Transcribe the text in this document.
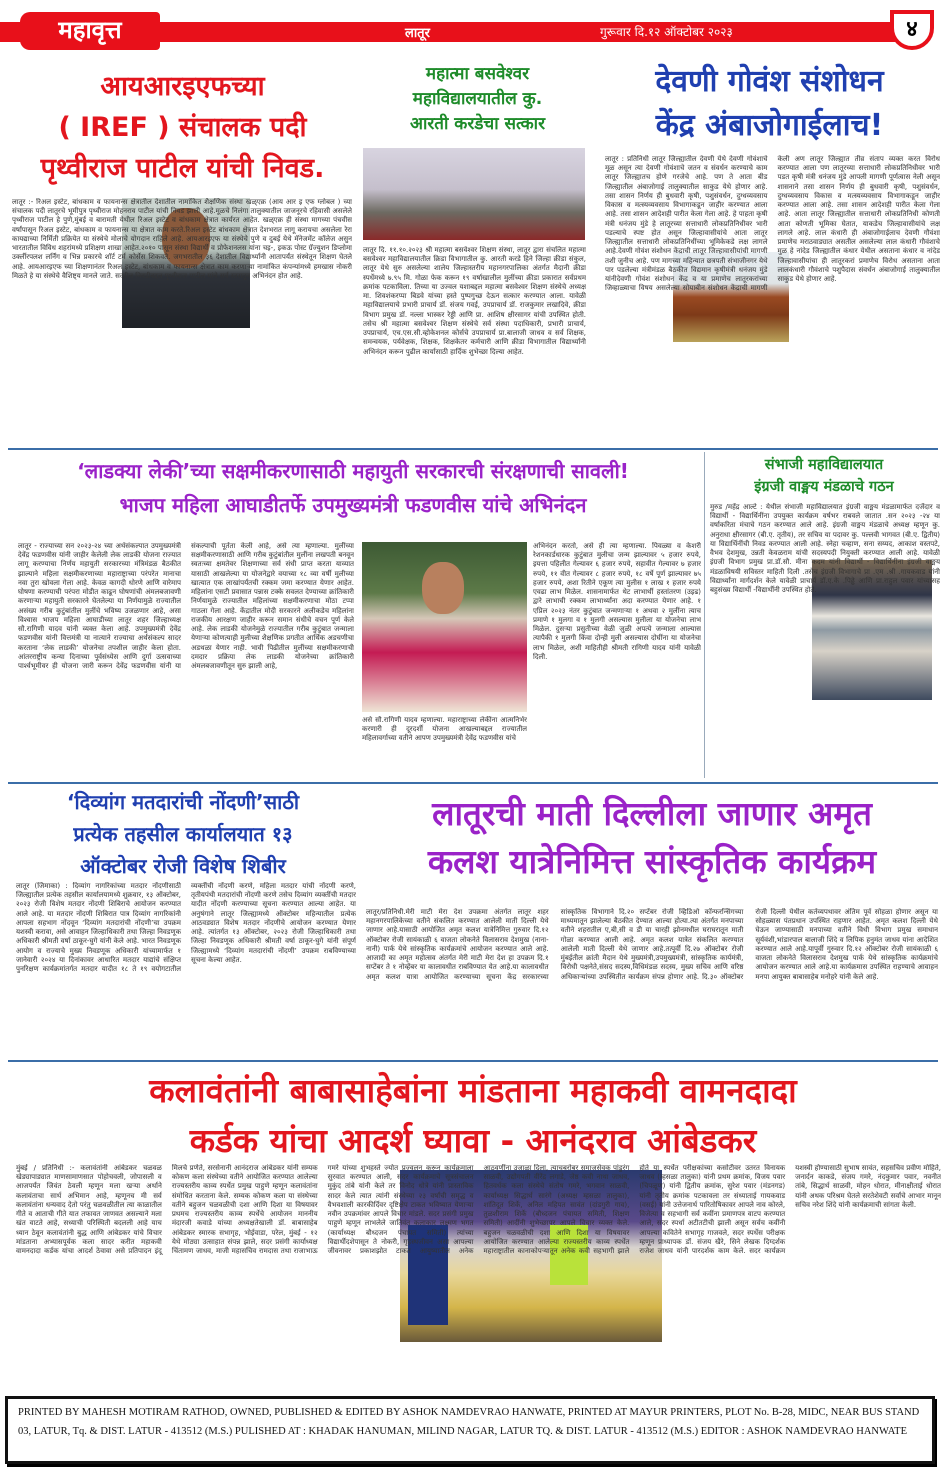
महावृत्त	लातूर	गुरूवार दि.१२ ऑक्टोबर २०२३	४
आयआरइएफच्या
( IREF ) संचालक पदी
पृथ्वीराज पाटील यांची निवड.
लातूर :- रिअल इस्टेट, बांधकाम व फायनान्स क्षेत्रातील देशातील नामांकित शैक्षणिक संस्था खळ्एक्र (आय आर इ एफ ग्लोबल ) च्या संचालक पदी लातूरचे भूमीपुत्र पृथ्वीराज मोहनराव पाटील यांची निवड झाली आहे.मूळचे निलंगा तालुक्यातील जाजनूरचे रहिवासी असलेले पृथ्वीराज पाटील हे पुणे,मुंबई व बारामती येथील रिअल इस्टेट व बांधकाम क्षेत्रात कार्यरत आहेत. खळ्एक्र ही संस्था मागच्या पंचवीस वर्षांपासून रिअल इस्टेट, बांधकाम व फायनान्स या क्षेत्रात काम करते.रिअल इस्टेट बांधकाम क्षेत्रात देशभरात लागू करायचा असलेला रेरा कायद्याच्या निर्मिती प्रक्रियेत या संस्थेचे मोलाचे योगदान राहिले आहे. आयआरइएफ या संस्थेचे पुणे व दुबई येथे मॅनेजमेंट कॉलेज असुन भारतातील विविध शहरांमध्ये प्रशिक्षण शाखा आहेत.२०१० पासून संस्था विद्यार्थी व प्रोफेशनलस यांना चइ-, इकऊ पोस्ट ग्रॅज्युशन डिप्लोमा उर्क्लीरपलश लर्निंग व भिन्न प्रकारचे शॉर्ट टर्म कोर्सेस शिकवते. जगभरातील ३६ देशातील विद्यार्थ्यांनी आतापर्यंत संस्थेतून शिक्षण घेतले आहे. आयआरइएफ च्या शिक्षणानंतर रिअल इस्टेट, बांधकाम व फायनान्स क्षेत्रात काम करणाऱ्या नामांकित कंपन्यांमध्ये हमखास नोकरी मिळते हे या संस्थेचे वैशिष्ट्य मानले जाते. सदरील निवडीबद्दल पृथ्वीराज पाटील यांचे सर्व स्तरातून अभिनंदन होत आहे.
महात्मा बसवेश्वर
महाविद्यालयातील कु.
आरती करडेचा सत्कार
लातूर दि. ११.१०.२०२३ श्री महात्मा बसवेश्वर शिक्षण संस्था, लातूर द्वारा संचलित महात्मा बसवेश्वर महाविद्यालयातील क्रिडा विभागातील कु. आरती करडे हिने जिल्हा क्रीडा संकुल, लातूर येथे सुरु असलेल्या शालेय जिल्हास्तरीय महानगरपालिका अंतर्गत मैदानी क्रीडा स्पर्धेमध्ये ७.९५ मि. गोळा फेक करून १९ वर्षाखालील मुलींच्या क्रीडा प्रकारात सर्वप्रथम क्रमांक पटकाविला. तिच्या या उज्वल यशाबद्दल महात्मा बसवेश्वर शिक्षण संस्थेचे अध्यक्ष मा. शिवशंकरप्पा बिडवे यांच्या हस्ते पुष्पगुच्छ देऊन सत्कार करण्यात आला. यावेळी महाविद्यालयाचे प्रभारी प्राचार्य डॉ. संजय गवई, उपप्राचार्य डॉ. राजकुमार लखादिवे, क्रीडा विभाग प्रमुख डॉ. नल्ला भास्कर रेड्डी आणि प्रा. आशिष क्षीरसागर यांची उपस्थित होती. तसेच श्री महात्मा बसवेश्वर शिक्षण संस्थेचे सर्व संस्था पदाधिकारी, प्रभारी प्राचार्य, उपप्राचार्य, एच.एस.सी.व्होकेशनल कोर्सचे उपप्राचार्य प्रा.बालाजी जाधव व सर्व शिक्षक, समन्वयक, पर्यवेक्षक, शिक्षक, शिक्षकेतर कर्मचारी आणि क्रीडा विभागातील विद्यार्थ्यांनी अभिनंदन करून पुढील कार्यासाठी हार्दिक शुभेच्छा दिल्या आहेत.
देवणी गोवंश संशोधन
केंद्र अंबाजोगाईलाच!
लातूर : प्रतिनिधी लातूर जिल्ह्यातील देवणी येथे देवणी गोवंशाचे मूळ असून त्या देवणी गोवंशाचे जतन व संवर्धन करण्याचे काम लातूर जिल्ह्यातच होणे गरजेचे आहे. पण ते आता बीड जिल्ह्यातील अंबाजोगाई तालुक्यातील साकुड येथे होणार आहे. तसा शासन निर्णय ही बुधवारी कृषी, पशुसंवर्धन, दुग्धव्यवसाय विकास व मत्स्यव्यवसाय विभागाकडून जाहीर करण्यात आला आहे. तसा शासन आदेशही पारीत केला गेला आहे. हे पाहता कृषी मंत्री धनंजय मुंडे हे लातूरच्या सत्ताधारी लोकप्रतिनिधीवर भारी पडल्याचे स्पष्ट होत असून जिल्हावासीयांचे आता लातूर जिल्ह्यातील सत्ताधारी लोकप्रतिनिधींच्या भूमिकेकडे लक्ष लागले आहे.देवणी गोवंश संशोधन केंद्राची लातूर जिल्हावासीयांची मागणी तशी जुनीच आहे. पण मागच्या महिन्यात छत्रपती संभाजीनगर येथे पार पडलेल्या मंत्रीमंडळ बैठकीत विद्यमान कृषीमंत्री धनंजय मुंडे यांनीदेवणी गोवंश संशोधन केंद्र व या प्रमाणेच लातूरकरांच्या जिव्हाळ्याचा विषय असलेल्या सोयाबीन संशोधन केंद्राची मागणी केली अण लातूर जिल्ह्यात तीव्र संताप व्यक्त करत विरोध करण्यात आला पण लातूरच्या सत्ताधारी लोकप्रतिनिधीवर भारी पडत कृषी मंत्री धनंजय मुंडे आपली मागणी पूर्णत्वास नेली असून शासनाने तसा शासन निर्णय ही बुधवारी कृषी, पशुसंवर्धन, दुग्धव्यवसाय विकास व मत्स्यव्यवसाय विभागाकडून जाहीर करण्यात आला आहे. तसा शासन आदेशही पारीत केला गेला आहे. आता लातूर जिल्ह्यातील सत्ताधारी लोकप्रतिनिधी कोणती आता कोणती भूमिका घेतात, याकडेच जिल्हावासीयांचे लक्ष लागले आहे. लाल कंधारी ही अंबाजोगाईलाच देवणी गौवंशा प्रमाणेच मराठवाड्यात असतील असलेल्या लाल कंधारी गौवंशाचे मुळ हे नांदेड जिल्ह्यातील कंधार येथील असताना कंधार व नांदेड जिल्हावासीयांचा ही लातूरकरां प्रमाणेच विरोध असताना आता लालकंधारी गौवंशाचे पशुपैदास संवर्धन अंबाजोगाई तालुक्यातील साकुड येथे होणार आहे.
‘लाडक्या लेकी’च्या सक्षमीकरणासाठी महायुती सरकारची संरक्षणाची सावली!
भाजप महिला आघाडीतर्फे उपमुख्यमंत्री फडणवीस यांचे अभिनंदन
लातूर - राज्याच्या सन २०२३-२४ च्या अर्थसंकल्पात उपमुख्यमंत्री देवेंद्र फडणवीस यांनी जाहीर केलेली लेक लाडकी योजना राज्यात लागू करण्याचा निर्णय महायुती सरकारच्या मंत्रिमंडळ बैठकीत झाल्याने महिला सक्षमीकरणाच्या महाराष्ट्राच्या परंपरेत मानाचा नवा तुरा खोवला गेला आहे. केवळ कागदी धोरणे आणि वारेमाप घोषणा करण्याची परंपरा मोडीत काढून घोषणांची अंमलबजावणी करणाऱ्या महायुती सरकारने घेतलेल्या या निर्णयामुळे राज्यातील असंख्य गरीब कुटुंबांतील मुलींचे भविष्य उजळणार आहे, असा विश्वास भाजप महिला आघाडीच्या लातूर शहर जिल्हाध्यक्ष सौ.रागिणी यादव यांनी व्यक्त केला आहे. उपमुख्यमंत्री देवेंद्र फडणवीस यांनी वित्तमंत्री या नात्याने राज्याचा अर्थसंकल्प सादर करताना ‘लेक लाडकी’ योजनेचा तपशील जाहीर केला होता. आंतरराष्ट्रीय कन्या दिनाच्या पूर्वसंध्येस आणि दुर्गा उत्सवाच्या पार्श्वभूमीवर ही योजना जारी करून देवेंद्र फडणवीस यांनी या संकल्पाची पूर्तता केली आहे, असे त्या म्हणाल्या. मुलींच्या सक्षमीकरणासाठी आणि गरीब कुटुंबांतील मुलींना लखपती बनवून स्वतःच्या क्षमतेवर शिक्षणाच्या सर्व संधी प्राप्त करता याव्यात यासाठी आखलेल्या या योजनेद्वारे वयाच्या १८ व्या वर्षी मुलीच्या खात्यात एक लाखांपर्यंतची रक्कम जमा करण्यात येणार आहेत. महिलांना एसटी प्रवासात पन्नास टक्के सवलत देण्याच्या क्रांतिकारी निर्णयामुळे राज्यातील महिलांच्या सक्षमीकरणाचा मोठा टप्पा गाठला गेला आहे. केंद्रातील मोदी सरकारने अलीकडेच महिलांना राजकीय आरक्षण जाहीर करून समान संधीचे वचन पूर्ण केले आहे. लेक लाडकी योजनेमुळे राज्यातील गरीब कुटुंबात जन्माला येणाऱ्या कोणत्याही मुलीच्या शैक्षणिक प्रगतीत आर्थिक अडचणीचा अडथळा येणार नाही. भावी पिढीतील मुलींच्या सक्षमीकरणाची दमदार प्रक्रिया लेक लाडकी योजनेच्या क्रांतिकारी अंमलबजावणीतून सुरु झाली आहे,
असे सौ.रागिणी यादव म्हणाल्या. महाराष्ट्राच्या लेकींना आत्मनिर्भर करणारी ही दूरदर्शी योजना आखल्याबद्दल राज्यातील महिलावर्गाच्या वतीने आपण उपमुख्यमंत्री देवेंद्र फडणवीस यांचे
अभिनंदन करतो, असे ही त्या म्हणाल्या. पिवळ्या व केशरी रेशनकार्डधारक कुटुंबात मुलीचा जन्म झाल्यावर ५ हजार रुपये, इयत्ता पहिलीत गेल्यावर ६ हजार रुपये, सहावीत गेल्यावर ७ हजार रुपये, ११ वीत गेल्यावर ८ हजार रुपये, १८ वर्षे पूर्ण झाल्यावर ७५ हजार रुपये, अशा रितीने एकूण त्या मुलीस १ लाख १ हजार रुपये एवढा लाभ मिळेल. शासनामार्फत थेट लाभार्थी हस्तांतरण (उइढ) द्वारे लाभाची रक्कम लाभार्थ्यांना अदा करण्यात येणार आहे. १ एप्रिल २०२३ नंतर कुटुंबात जन्मणाऱ्या १ अथवा २ मुलींना त्याच प्रमाणे १ मुलगा व १ मुलगी असल्यास मुलीला या योजनेचा लाभ मिळेल. दुसऱ्या प्रसुतीच्या वेळी जुळी अपत्ये जन्माला आल्यास त्यापैकी १ मुलगी किंवा दोन्ही मुली असल्यास दोघींना या योजनेचा लाभ मिळेल, अशी माहितीही श्रीमती रागिणी यादव यांनी यावेळी दिली.
संभाजी महाविद्यालयात
इंग्रजी वाङ्मय मंडळाचे गठन
मुरुड /महेंद्र आल्टे : येथील संभाजी महाविद्यालयात इंग्रजी वाङ्मय मंडळामार्फत दर्जेदार व विद्यार्थी - विद्यार्थिनींना उपयुक्त कार्यक्रम वर्षभर राबवले जातात .सन २०२३ -२४ या वर्षाकरिता मंचाचे गठन करण्यात आले आहे. इंग्रजी वाङ्मय मंडळाचे अध्यक्ष म्हणून कु. अनुराधा क्षीरसागर (बी.ए. तृतीय), तर सचिव या पदावर कु. पल्लवी भागवत (बी.ए. द्वितीय) या विद्यार्थिनींची निवड करण्यात आली आहे. स्नेहा चव्हाण, सना सय्यद, आकाश वस्तपटे, वैभव देशमुख, उन्नती केवळराम यांची सदस्यपदी नियुक्ती करण्यात आली आहे. यावेळी इंग्रजी विभाग प्रमुख प्रा.डॉ.सौ. मीना कदम यांनी विद्यार्थी - विद्यार्थिनींना इंग्रजी वाङ्मय मंडळाविषयी सविस्तर माहिती दिली .तसेच इंग्रजी विभागाचे प्रा .एम .श्री .गायकवाड यांनी विद्यार्थ्यांना मार्गदर्शन केले यावेळी प्राचार्य डॉ.ए.के .पिढ्ढे आणि प्रा.राहुल पवार यांच्यासह बहुसंख्य विद्यार्थी -विद्यार्थीनी उपस्थित होते.
‘दिव्यांग मतदारांची नोंदणी’साठी
प्रत्येक तहसील कार्यालयात १३
ऑक्टोबर रोजी विशेष शिबीर
लातूर (जिमाका) : दिव्यांग नागरिकांच्या मतदार नोंदणीसाठी जिल्ह्यातील प्रत्येक तहसील कार्यालयामध्ये शुक्रवार, १३ ऑक्टोबर, २०२३ रोजी विशेष मतदार नोंदणी शिबिराचे आयोजन करण्यात आले आहे. या मतदार नोंदणी शिबिरात पात्र दिव्यांग नागरिकांनी आपला सहभाग नोंदवून ‘दिव्यांग मतदारांची नोंदणी’चा उपक्रम यशस्वी करावा, असे आवाहन जिल्हाधिकारी तथा जिल्हा निवडणूक अधिकारी श्रीमती वर्षा ठाकूर-घुगे यांनी केले आहे. भारत निवडणूक आयोग व राज्याचे मुख्य निवडणूक अधिकारी यांच्यामार्फत १ जानेवारी २०२४ या दिनांकावर आधारित मतदार याद्यांचे संक्षिप्त पुनरिक्षण कार्यक्रमांतर्गत मतदार यादीत १८ ते १९ वयोगटातील व्यक्तींची नोंदणी करणे, महिला मतदार यांची नोंदणी करणे, तृतीयपंथी मतदारांची नोंदणी करणे तसेच दिव्यांग व्यक्तींची मतदार यादीत नोंदणी करण्याच्या सूचना करण्यात आल्या आहेत. या अनुषंगाने लातूर जिल्ह्यामध्ये ऑक्टोबर महिन्यातील प्रत्येक आठवड्यात विशेष मतदार नोंदणीचे आयोजन करण्यात येणार आहे. त्यांतर्गत १३ ऑक्टोबर, २०२३ रोजी जिल्हाधिकारी तथा जिल्हा निवडणूक अधिकारी श्रीमती वर्षा ठाकूर-घुगे यांनी संपूर्ण जिल्ह्यामध्ये ‘दिव्यांग मतदारांची नोंदणी’ उपक्रम राबविण्याच्या सूचना केल्या आहेत.
लातूरची माती दिल्लीला जाणार अमृत
कलश यात्रेनिमित्त सांस्कृतिक कार्यक्रम
लातूर/प्रतिनिधी.मेरी माटी मेरा देश उपक्रमा अंतर्गत लातूर शहर महानगरपालिकेच्या वतीने संकलित करण्यात आलेली माती दिल्ली येथे जाणार आहे.यासाठी आयोजित अमृत कलश यात्रेनिमित्त गुरुवार दि.१२ ऑक्टोबर रोजी सायंकाळी ६ वाजता लोकनेते विलासराव देशमुख (नाना-नानी) पार्क येथे सांस्कृतिक कार्यक्रमांचे आयोजन करण्यात आले आहे. आजादी का अमृत महोत्सव अंतर्गत मेरी माटी मेरा देश हा उपक्रम दि.१ सप्टेंबर ते १ नोव्हेंबर या कालावधीत राबविण्यात येत आहे.या कालावधीत अमृत कलश यात्रा आयोजित करण्याच्या सूचना केंद्र सरकारच्या सांस्कृतिक विभागाने दि.२० सप्टेंबर रोजी व्हिडिओ कॉन्फरन्सिंगच्या माध्यमातून झालेल्या बैठकीत देण्यात आल्या होत्या.त्या अंतर्गत मनपाच्या वतीने शहरातील ए,बी,सी व डी या चारही झोनमधील घराघरातून माती गोळा करण्यात आली आहे. अमृत कलश यात्रेत संकलित करण्यात आलेली माती दिल्ली येथे जाणार आहे.तत्पूर्वी दि.२७ ऑक्टोबर रोजी मुंबईतील क्रांती मैदान येथे मुख्यमंत्री,उपमुख्यमंत्री, सांस्कृतिक कार्यमंत्री, विरोधी पक्षनेते,संसद सदस्य,विधिमंडळ सदस्य, मुख्य सचिव आणि वरिष्ठ अधिकाऱ्यांच्या उपस्थितीत कार्यक्रम संपन्न होणार आहे. दि.३० ऑक्टोबर रोजी दिल्ली येथील कर्तव्यपथावर अंतिम पूर्व सोहळा होणार असून या सोहळ्यास पंतप्रधान उपस्थित राहणार आहेत. अमृत कलश दिल्ली येथे घेऊन जाण्यासाठी मनपाच्या वतीने विधी विभाग प्रमुख समाधान सूर्यवंशी,भांडारपाल बालाजी शिंदे व लिपिक हनुमंत जाधव यांना आदेशित करण्यात आले आहे.यापूर्वी गुरुवार दि.१२ ऑक्टोबर रोजी सायंकाळी ६ वाजता लोकनेते विलासराव देशमुख पार्क येथे सांस्कृतिक कार्यक्रमांचे आयोजन करण्यात आले आहे.या कार्यक्रमास उपस्थित राहण्याचे आवाहन मनपा आयुक्त बाबासाहेब मनोहरे यांनी केले आहे.
कलावंतांनी बाबासाहेबांना मांडताना महाकवी वामनदादा
कर्डक यांचा आदर्श घ्यावा - आनंदराव आंबेडकर
मुंबई / प्रतिनिधी :- कलावंतांनी आंबेडकर चळवळ खेड्यापाड्यात माणसामाणसात पोहोचवली, जोपासली व आजपर्यंत जिवंत ठेवली म्हणून मला खऱ्या अर्थाने कलावंताचा सार्थ अभिमान आहे, म्हणूनच मी सर्व कलावंतांना धन्यवाद देतो परंतु चळवळीतील त्या काळातील गीते व आताची गीते यात तफावत जाणवत असल्याने मला खंत वाटते आहे, सध्याची परिस्थिती बदलली आहे याच ध्यान ठेवून कलावंतांनी बुद्ध आणि आंबेडकर यांचे विचार मांडताना अभ्यासपूर्वक कला सादर करीत महाकवी वामनदादा कर्डक यांचा आदर्श ठेवावा असे प्रतिपादन इंदू मिलचे प्रणेते, सरसेनानी आनंदराज आंबेडकर यांनी सम्यक कोकण कला संस्थेच्या वतीने आयोजित करण्यात आलेल्या राज्यस्तरीय काव्य स्पर्धेत प्रमुख पाहुणे म्हणून कलावंतांना संमोधित करताना केले. सम्यक कोकण कला या संस्थेच्या वतीने बहुजन चळवळीची दशा आणि दिशा या विषयावर प्रथमच राज्यस्तरीय काव्य स्पर्धेचे आयोजन माननीय मंदारजी कवाडे यांच्या अध्यक्षतेखाली डॉ. बाबासाहेब आंबेडकर स्मारक सभागृह, भोईवाडा, परेल, मुंबई - १२ येथे मोठ्या उत्साहात संपन्न झाले, सदर प्रसंगी कार्याध्यक्ष चिंतामण जाधव, माजी महासचिव रामदास तथा राजाभाऊ गमरे यांच्या शुभहस्ते ज्योत प्रज्वलन करून कार्यक्रमाला सुरवात करण्यात आली, सदर कार्यक्रमाचे सूत्रसंचालन मुकुंद तांबे यांनी केले तर विनोद धोत्रे यांनी प्रास्ताविक सादर केले त्यात त्यांनी संस्थेच्या २३ वर्षांची समृद्ध व वैभवशाली कारकीर्दिवर दृष्टिक्षेप टाकत भविष्यात येणाऱ्या नवीन उपक्रमांवर आपले विचार मांडले. सदर प्रसंगी प्रमुख पाहुणे म्हणून लाभलेले जातिवंत कलाकार लक्ष्मण भगत (कार्याध्यक्ष बौध्दजन पंचायत समिती) त्यांच्या विद्यार्थीदशेपासून ते नोकरी, गृहस्थजीवन असा आपल्या जीवनावर प्रकाशझोत टाकत आयुष्यातील अनेक आठवणींना उजाळा दिला, त्याचबरोबर समाजसेवक पांडुरंग साळवी, उद्योगपती वीरेंद्र लगाडे, जेष्ठ कवी नाथा जाधव, हितवर्धक कला संस्थेचे संतोष गमरे, भगवान साळवी, कार्याध्यक्ष सिद्धार्थ सारंगे (अध्यक्ष म्हसळा तालुका), शांतिदूत शिर्के, अनिल महिपत सावंत (दांडगुरी गाव), तुळशीराम शिर्के (बौध्दजन पंचायत समिती, शिक्षण समिती) आदींनी शुभेच्छापर आपले विचार व्यक्त केले. बहुजन चळवळीची दशा आणि दिशा या विषयावर आयोजित करण्यात आलेल्या राज्यस्तरीय काव्य स्पर्धेत महाराष्ट्रातील कानाकोपऱ्यातून अनेक कवी सहभागी झाले होते या स्पर्धेत परीक्षकांच्या कसोटीवर उतरत विनायक जाधव (म्हसळा तालुका) यांनी प्रथम क्रमांक, विजय पवार (चिपळूण) यांनी द्वितीय क्रमांक, सुरेश पवार (मंडनगड) यांनी तृतीय क्रमांक पटकावला तर संध्याताई गायकवाड (वसई) यांनी उत्तेजनार्थ पारितोषिकावर आपले नाव कोरले, विजेत्या व सहभागी सर्व कवींना प्रमाणपत्र वाटप करण्यात आले, सदर स्पर्धा अटीतटीची झाली असून सर्वच कवींनी आपल्या कवितेने सभागृह गाजवले, सदर स्पर्धेस परीक्षक म्हणून प्राध्यापक डॉ. संजय खैरे, सिने लेखक दिग्दर्शक राजेश जाधव यांनी पारदर्शक काम केले. सदर कार्यक्रम यशस्वी होण्यासाठी सुभाष सावंत, सहसचिव प्रवीण मोहिते, जनार्दन काकडे, संजय गमरे, नंदकुमार पवार, नवनीत तांबे, सिद्धार्थ साळवी, मोहन धोरात, मीनाक्षीताई धोरात यांनी अथक परिश्रम घेतले सरतेशेवटी सर्वांचे आभार मानून सचिव नरेश शिंदे यांनी कार्यक्रमाची सांगता केली.
PRINTED BY MAHESH MOTIRAM RATHOD, OWNED, PUBLISHED & EDITED BY ASHOK NAMDEVRAO HANWATE, PRINTED AT MAYUR PRINTERS, PLOT No. B-28, MIDC, NEAR BUS STAND 03, LATUR, Tq. & DIST. LATUR - 413512 (M.S.) PULISHED AT : KHADAK HANUMAN, MILIND NAGAR, LATUR TQ. & DIST. LATUR - 413512 (M.S.) EDITOR : ASHOK NAMDEVRAO HANWATE
